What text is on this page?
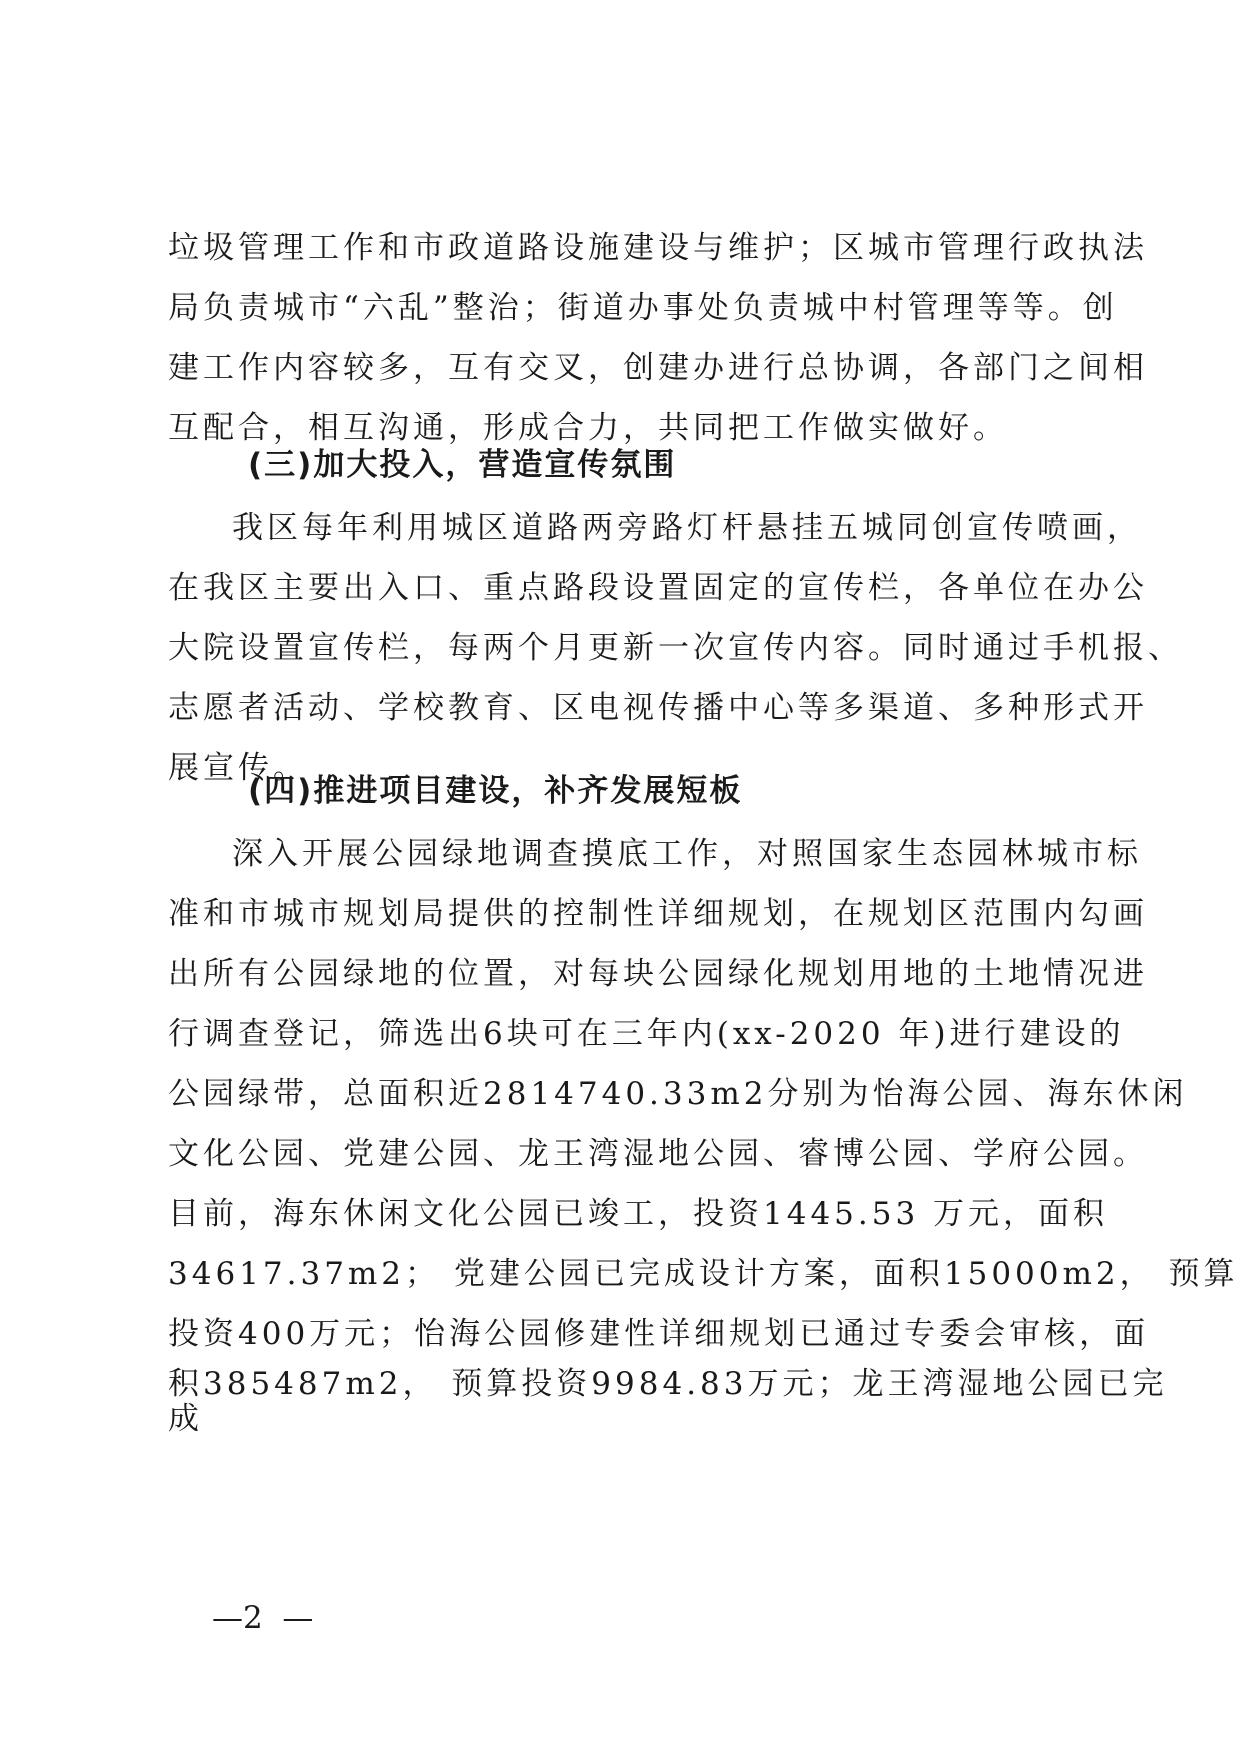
垃圾管理工作和市政道路设施建设与维护；区城市管理行政执法
局负责城市“六乱”整治；街道办事处负责城中村管理等等。创
建工作内容较多，互有交叉，创建办进行总协调，各部门之间相
互配合，相互沟通，形成合力，共同把工作做实做好。
(三)加大投入，营造宣传氛围
我区每年利用城区道路两旁路灯杆悬挂五城同创宣传喷画，
在我区主要出入口、重点路段设置固定的宣传栏，各单位在办公
大院设置宣传栏，每两个月更新一次宣传内容。同时通过手机报、
志愿者活动、学校教育、区电视传播中心等多渠道、多种形式开
展宣传。
(四)推进项目建设，补齐发展短板
深入开展公园绿地调查摸底工作，对照国家生态园林城市标
准和市城市规划局提供的控制性详细规划，在规划区范围内勾画
出所有公园绿地的位置，对每块公园绿化规划用地的土地情况进
行调查登记，筛选出6块可在三年内(xx-2020 年)进行建设的
公园绿带，总面积近2814740.33m2分别为怡海公园、海东休闲
文化公园、党建公园、龙王湾湿地公园、睿博公园、学府公园。
目前，海东休闲文化公园已竣工，投资1445.53 万元，面积
34617.37m2； 党建公园已完成设计方案，面积15000m2， 预算
投资400万元；怡海公园修建性详细规划已通过专委会审核，面
积385487m2， 预算投资9984.83万元；龙王湾湿地公园已完
成
—2  —
